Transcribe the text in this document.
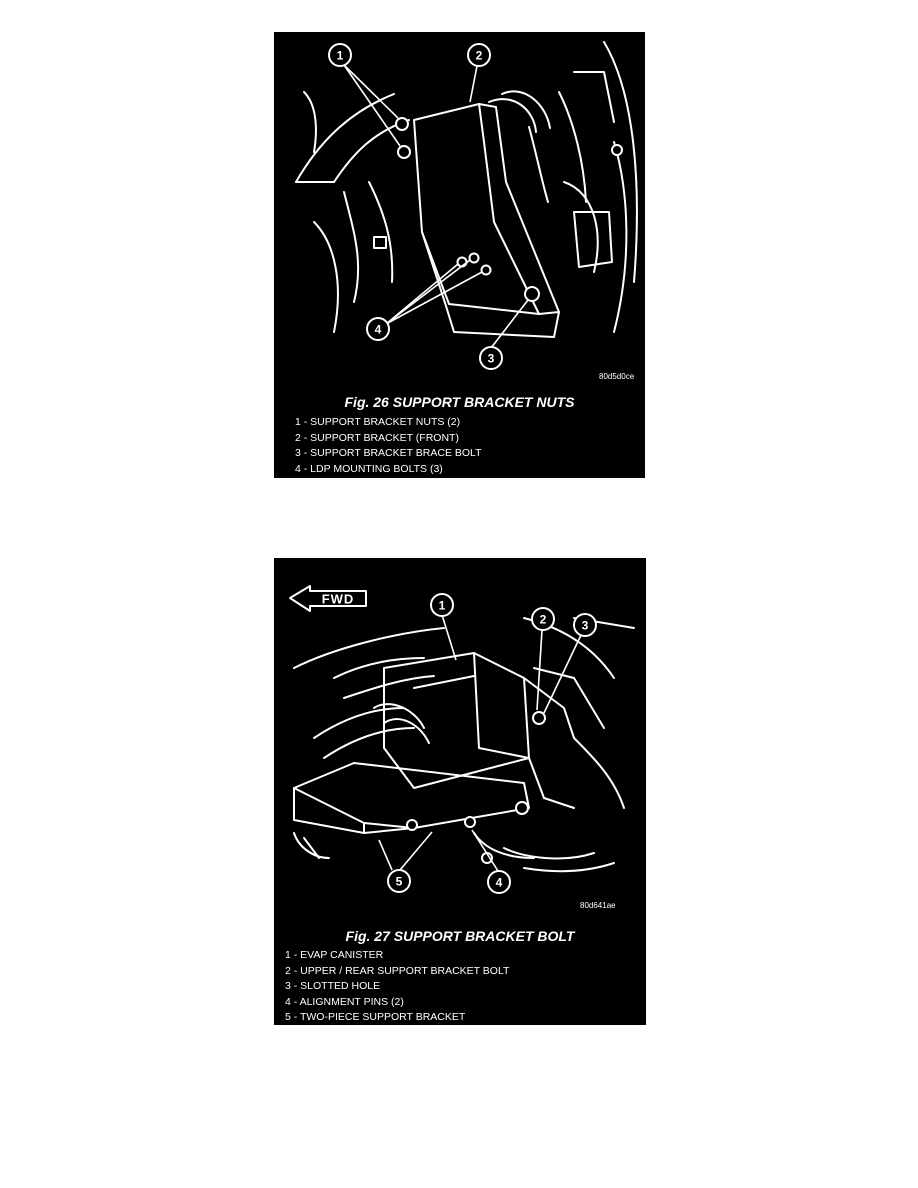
1	2
3
4
80d5d0ce
Fig. 26 SUPPORT BRACKET NUTS
1 - SUPPORT BRACKET NUTS (2)
2 - SUPPORT BRACKET (FRONT)
3 - SUPPORT BRACKET BRACE BOLT
4 - LDP MOUNTING BOLTS (3)
FWD	1
2	3
4
5
80d641ae
Fig. 27 SUPPORT BRACKET BOLT
1 - EVAP CANISTER
2 - UPPER / REAR SUPPORT BRACKET BOLT
3 - SLOTTED HOLE
4 - ALIGNMENT PINS (2)
5 - TWO-PIECE SUPPORT BRACKET
